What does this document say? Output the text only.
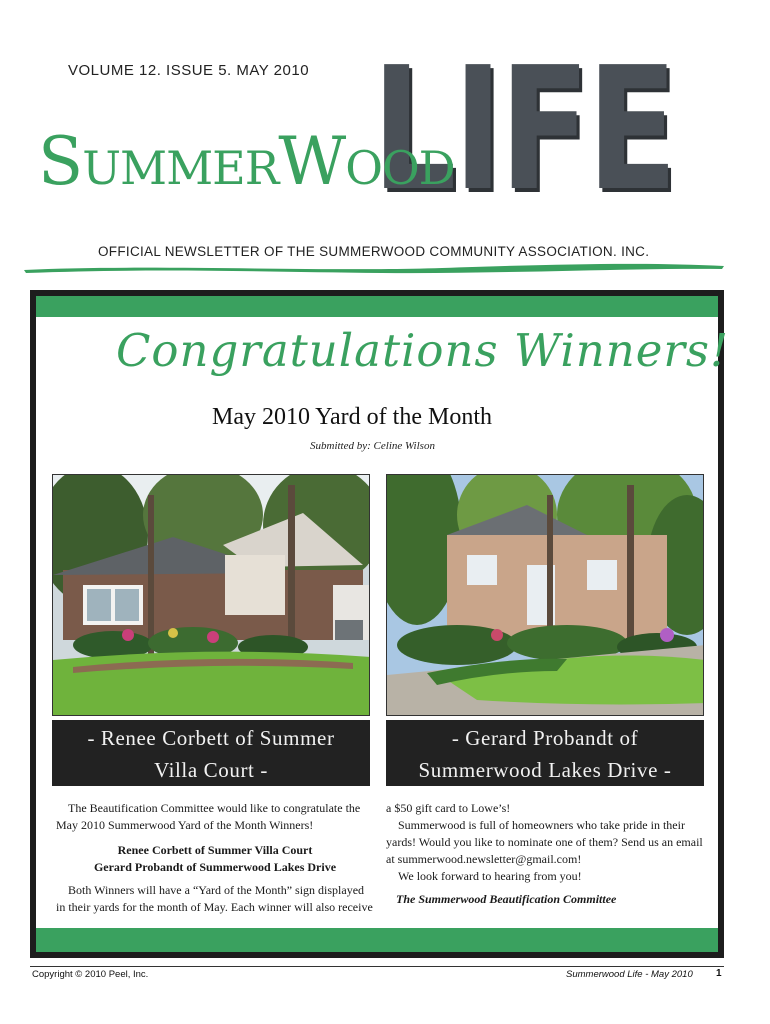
VOLUME 12. ISSUE 5. MAY 2010 LIFE
SummerWood
OFFICIAL NEWSLETTER OF THE SUMMERWOOD COMMUNITY ASSOCIATION. INC.
Congratulations Winners!
May 2010 Yard of the Month
Submitted by: Celine Wilson
- Renee Corbett of Summer
Villa Court -
- Gerard Probandt of
Summerwood Lakes Drive -

The Beautification Committee would like to congratulate the May 2010 Summerwood Yard of the Month Winners!

Renee Corbett of Summer Villa Court
Gerard Probandt of Summerwood Lakes Drive

Both Winners will have a “Yard of the Month” sign displayed in their yards for the month of May. Each winner will also receive

a $50 gift card to Lowe’s!

Summerwood is full of homeowners who take pride in their yards! Would you like to nominate one of them? Send us an email at summerwood.newsletter@gmail.com!

We look forward to hearing from you!

The Summerwood Beautification Committee

Copyright © 2010 Peel, Inc.	Summerwood Life - May 2010 1
